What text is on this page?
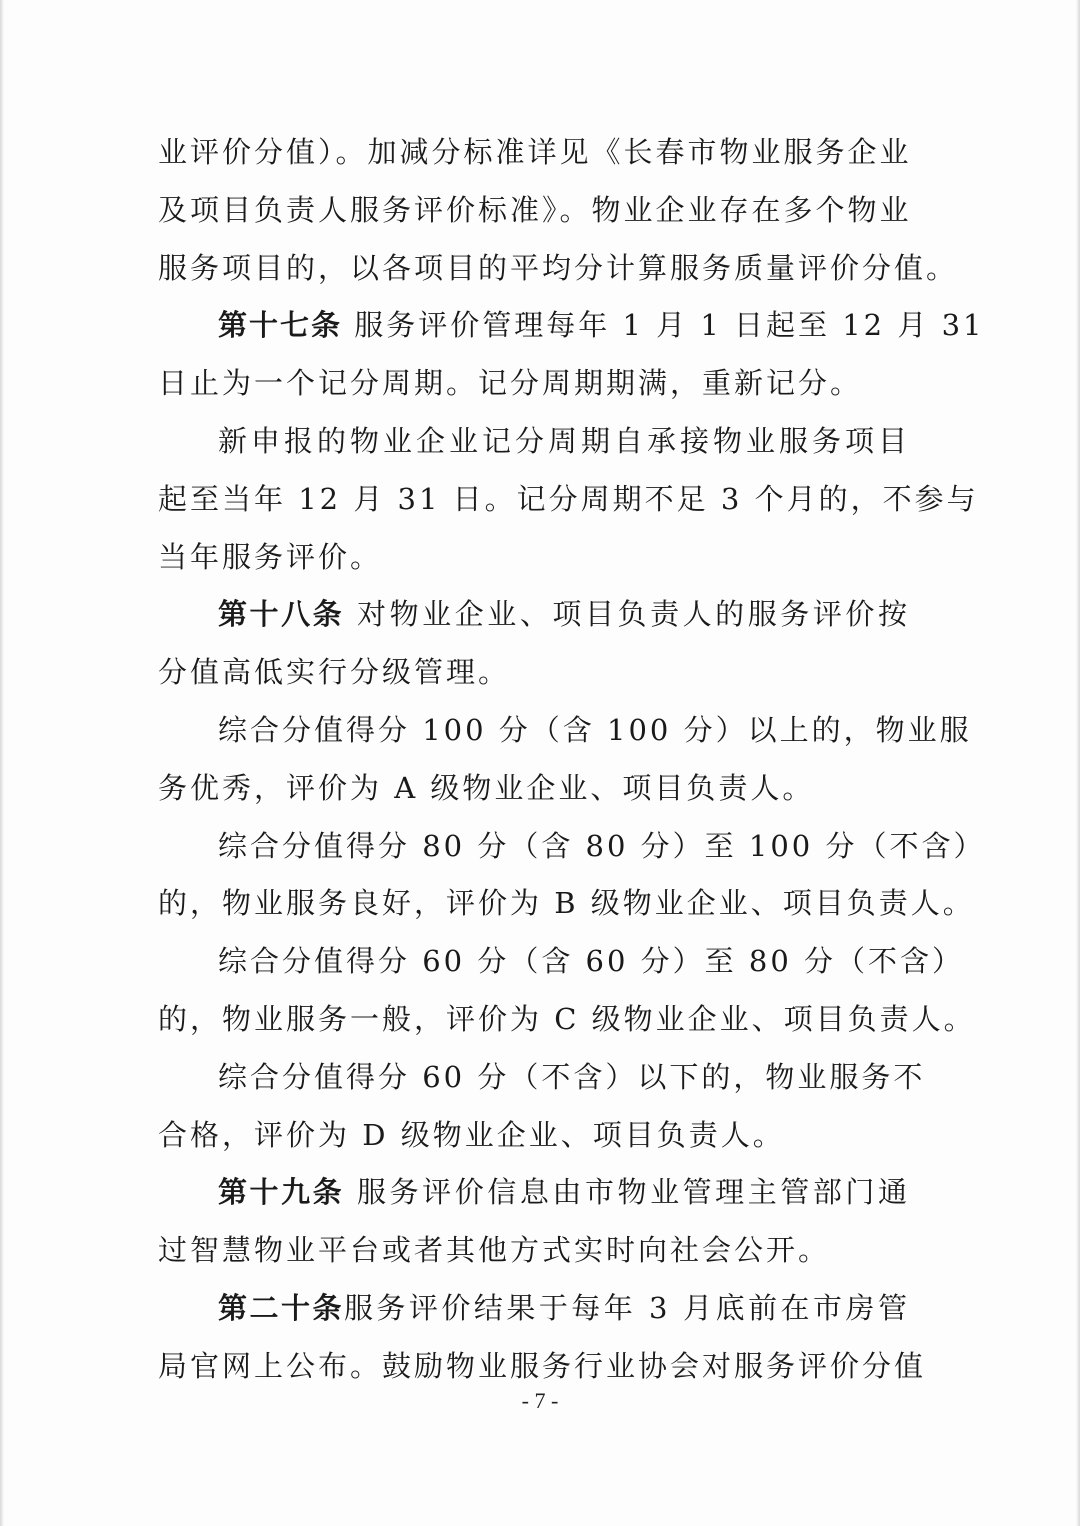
业评价分值）。加减分标准详见《长春市物业服务企业
及项目负责人服务评价标准》。物业企业存在多个物业
服务项目的，以各项目的平均分计算服务质量评价分值。
第十七条 服务评价管理每年 1 月 1 日起至 12 月 31
日止为一个记分周期。记分周期期满，重新记分。
新申报的物业企业记分周期自承接物业服务项目
起至当年 12 月 31 日。记分周期不足 3 个月的，不参与
当年服务评价。
第十八条 对物业企业、项目负责人的服务评价按
分值高低实行分级管理。
综合分值得分 100 分（含 100 分）以上的，物业服
务优秀，评价为 A 级物业企业、项目负责人。
综合分值得分 80 分（含 80 分）至 100 分（不含）
的，物业服务良好，评价为 B 级物业企业、项目负责人。
综合分值得分 60 分（含 60 分）至 80 分（不含）
的，物业服务一般，评价为 C 级物业企业、项目负责人。
综合分值得分 60 分（不含）以下的，物业服务不
合格，评价为 D 级物业企业、项目负责人。
第十九条 服务评价信息由市物业管理主管部门通
过智慧物业平台或者其他方式实时向社会公开。
第二十条服务评价结果于每年 3 月底前在市房管
局官网上公布。鼓励物业服务行业协会对服务评价分值
- 7 -
